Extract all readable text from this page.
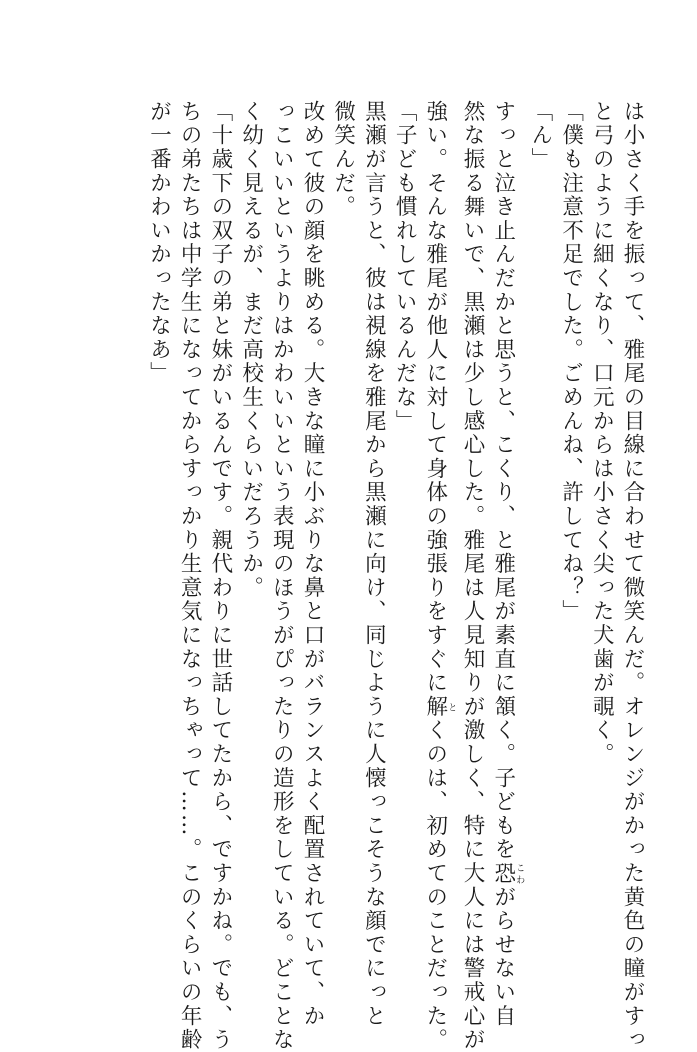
は小さく手を振って、雅尾の目線に合わせて微笑んだ。オレンジがかった黄色の瞳がすっ
と弓のように細くなり、口元からは小さく尖った犬歯が覗く。
「僕も注意不足でした。ごめんね、許してね？」
「ん」
すっと泣き止んだかと思うと、こくり、と雅尾が素直に頷く。子どもを恐こわがらせない自
然な振る舞いで、黒瀬は少し感心した。雅尾は人見知りが激しく、特に大人には警戒心が
強い。そんな雅尾が他人に対して身体の強張りをすぐに解とくのは、初めてのことだった。
「子ども慣れしているんだな」
黒瀬が言うと、彼は視線を雅尾から黒瀬に向け、同じように人懐っこそうな顔でにっと
微笑んだ。
改めて彼の顔を眺める。大きな瞳に小ぶりな鼻と口がバランスよく配置されていて、か
っこいいというよりはかわいいという表現のほうがぴったりの造形をしている。どことな
く幼く見えるが、まだ高校生くらいだろうか。
「十歳下の双子の弟と妹がいるんです。親代わりに世話してたから、ですかね。でも、う
ちの弟たちは中学生になってからすっかり生意気になっちゃって……。このくらいの年齢
が一番かわいかったなあ」
